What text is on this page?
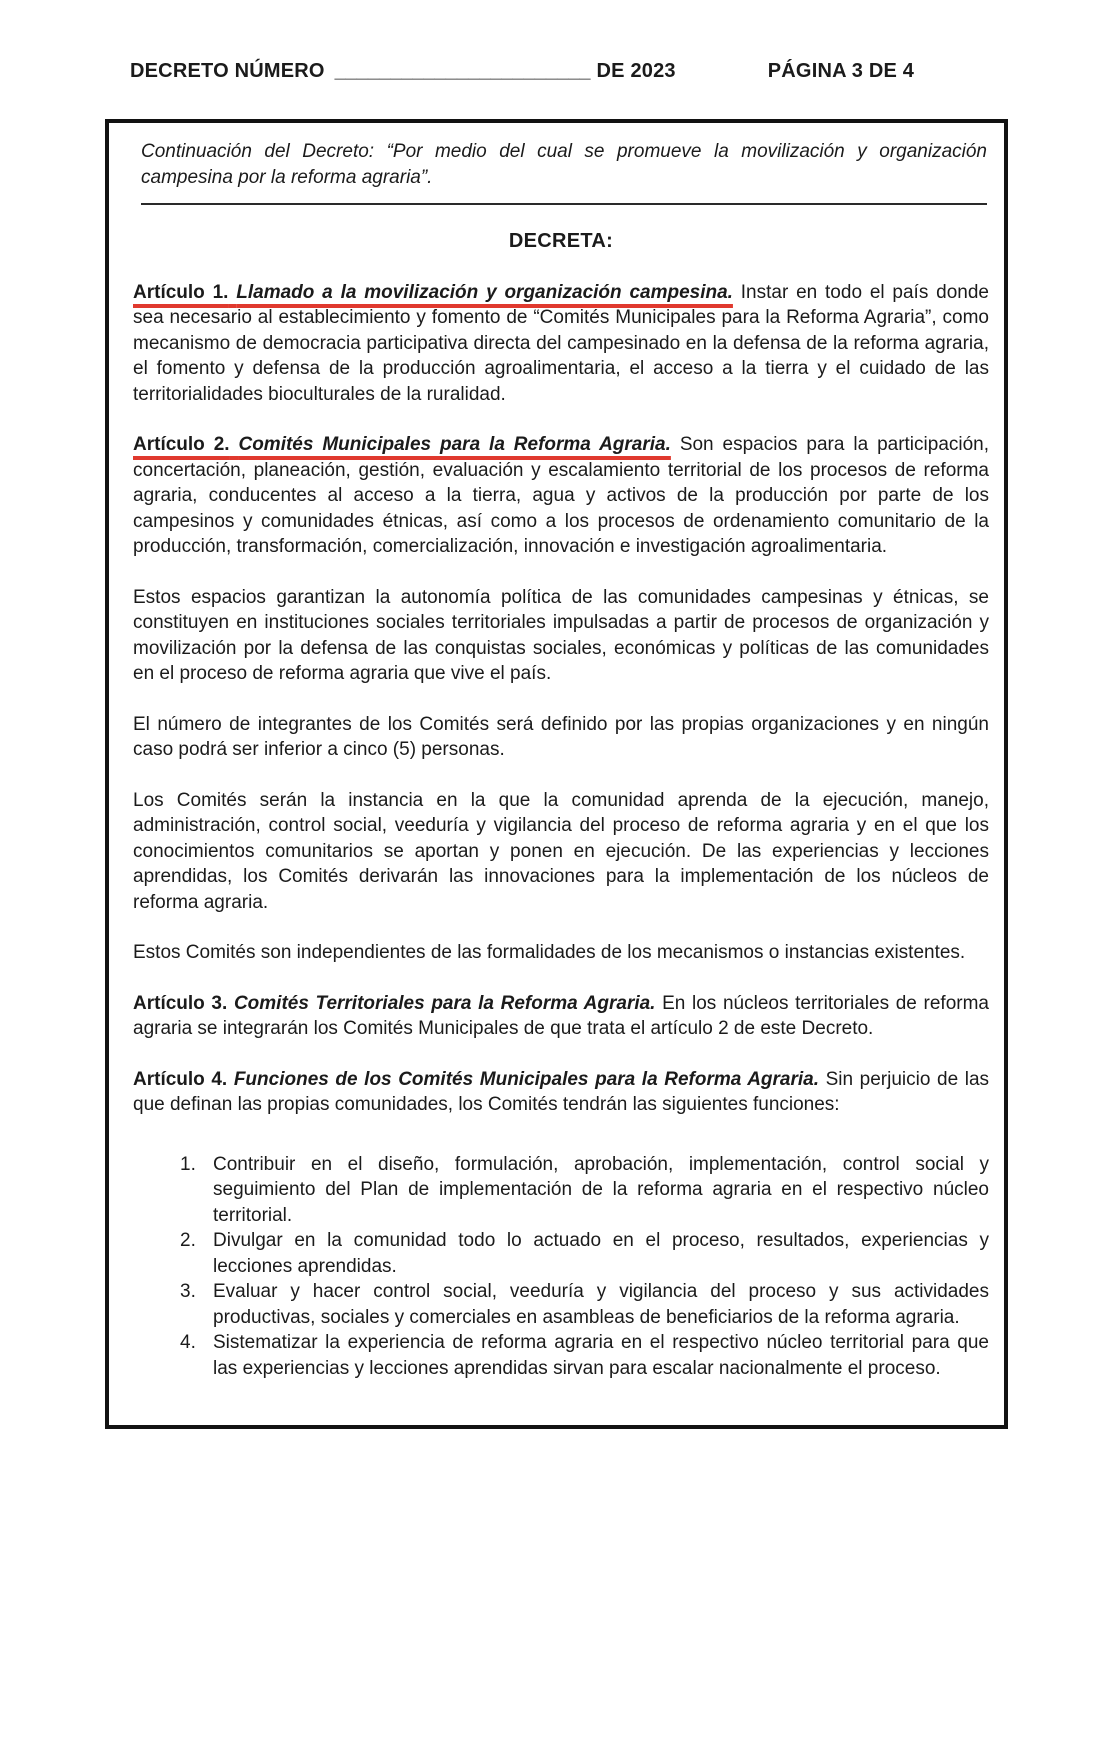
DECRETO NÚMERO _______________________ DE 2023	PÁGINA 3 DE 4

Continuación del Decreto: “Por medio del cual se promueve la movilización y organización campesina por la reforma agraria”.

DECRETA:

Artículo 1. Llamado a la movilización y organización campesina. Instar en todo el país donde sea necesario al establecimiento y fomento de “Comités Municipales para la Reforma Agraria”, como mecanismo de democracia participativa directa del campesinado en la defensa de la reforma agraria, el fomento y defensa de la producción agroalimentaria, el acceso a la tierra y el cuidado de las territorialidades bioculturales de la ruralidad.

Artículo 2. Comités Municipales para la Reforma Agraria. Son espacios para la participación, concertación, planeación, gestión, evaluación y escalamiento territorial de los procesos de reforma agraria, conducentes al acceso a la tierra, agua y activos de la producción por parte de los campesinos y comunidades étnicas, así como a los procesos de ordenamiento comunitario de la producción, transformación, comercialización, innovación e investigación agroalimentaria.

Estos espacios garantizan la autonomía política de las comunidades campesinas y étnicas, se constituyen en instituciones sociales territoriales impulsadas a partir de procesos de organización y movilización por la defensa de las conquistas sociales, económicas y políticas de las comunidades en el proceso de reforma agraria que vive el país.

El número de integrantes de los Comités será definido por las propias organizaciones y en ningún caso podrá ser inferior a cinco (5) personas.

Los Comités serán la instancia en la que la comunidad aprenda de la ejecución, manejo, administración, control social, veeduría y vigilancia del proceso de reforma agraria y en el que los conocimientos comunitarios se aportan y ponen en ejecución. De las experiencias y lecciones aprendidas, los Comités derivarán las innovaciones para la implementación de los núcleos de reforma agraria.

Estos Comités son independientes de las formalidades de los mecanismos o instancias existentes.

Artículo 3. Comités Territoriales para la Reforma Agraria. En los núcleos territoriales de reforma agraria se integrarán los Comités Municipales de que trata el artículo 2 de este Decreto.

Artículo 4. Funciones de los Comités Municipales para la Reforma Agraria. Sin perjuicio de las que definan las propias comunidades, los Comités tendrán las siguientes funciones:

1. Contribuir en el diseño, formulación, aprobación, implementación, control social y seguimiento del Plan de implementación de la reforma agraria en el respectivo núcleo territorial.
2. Divulgar en la comunidad todo lo actuado en el proceso, resultados, experiencias y lecciones aprendidas.
3. Evaluar y hacer control social, veeduría y vigilancia del proceso y sus actividades productivas, sociales y comerciales en asambleas de beneficiarios de la reforma agraria.
4. Sistematizar la experiencia de reforma agraria en el respectivo núcleo territorial para que las experiencias y lecciones aprendidas sirvan para escalar nacionalmente el proceso.
